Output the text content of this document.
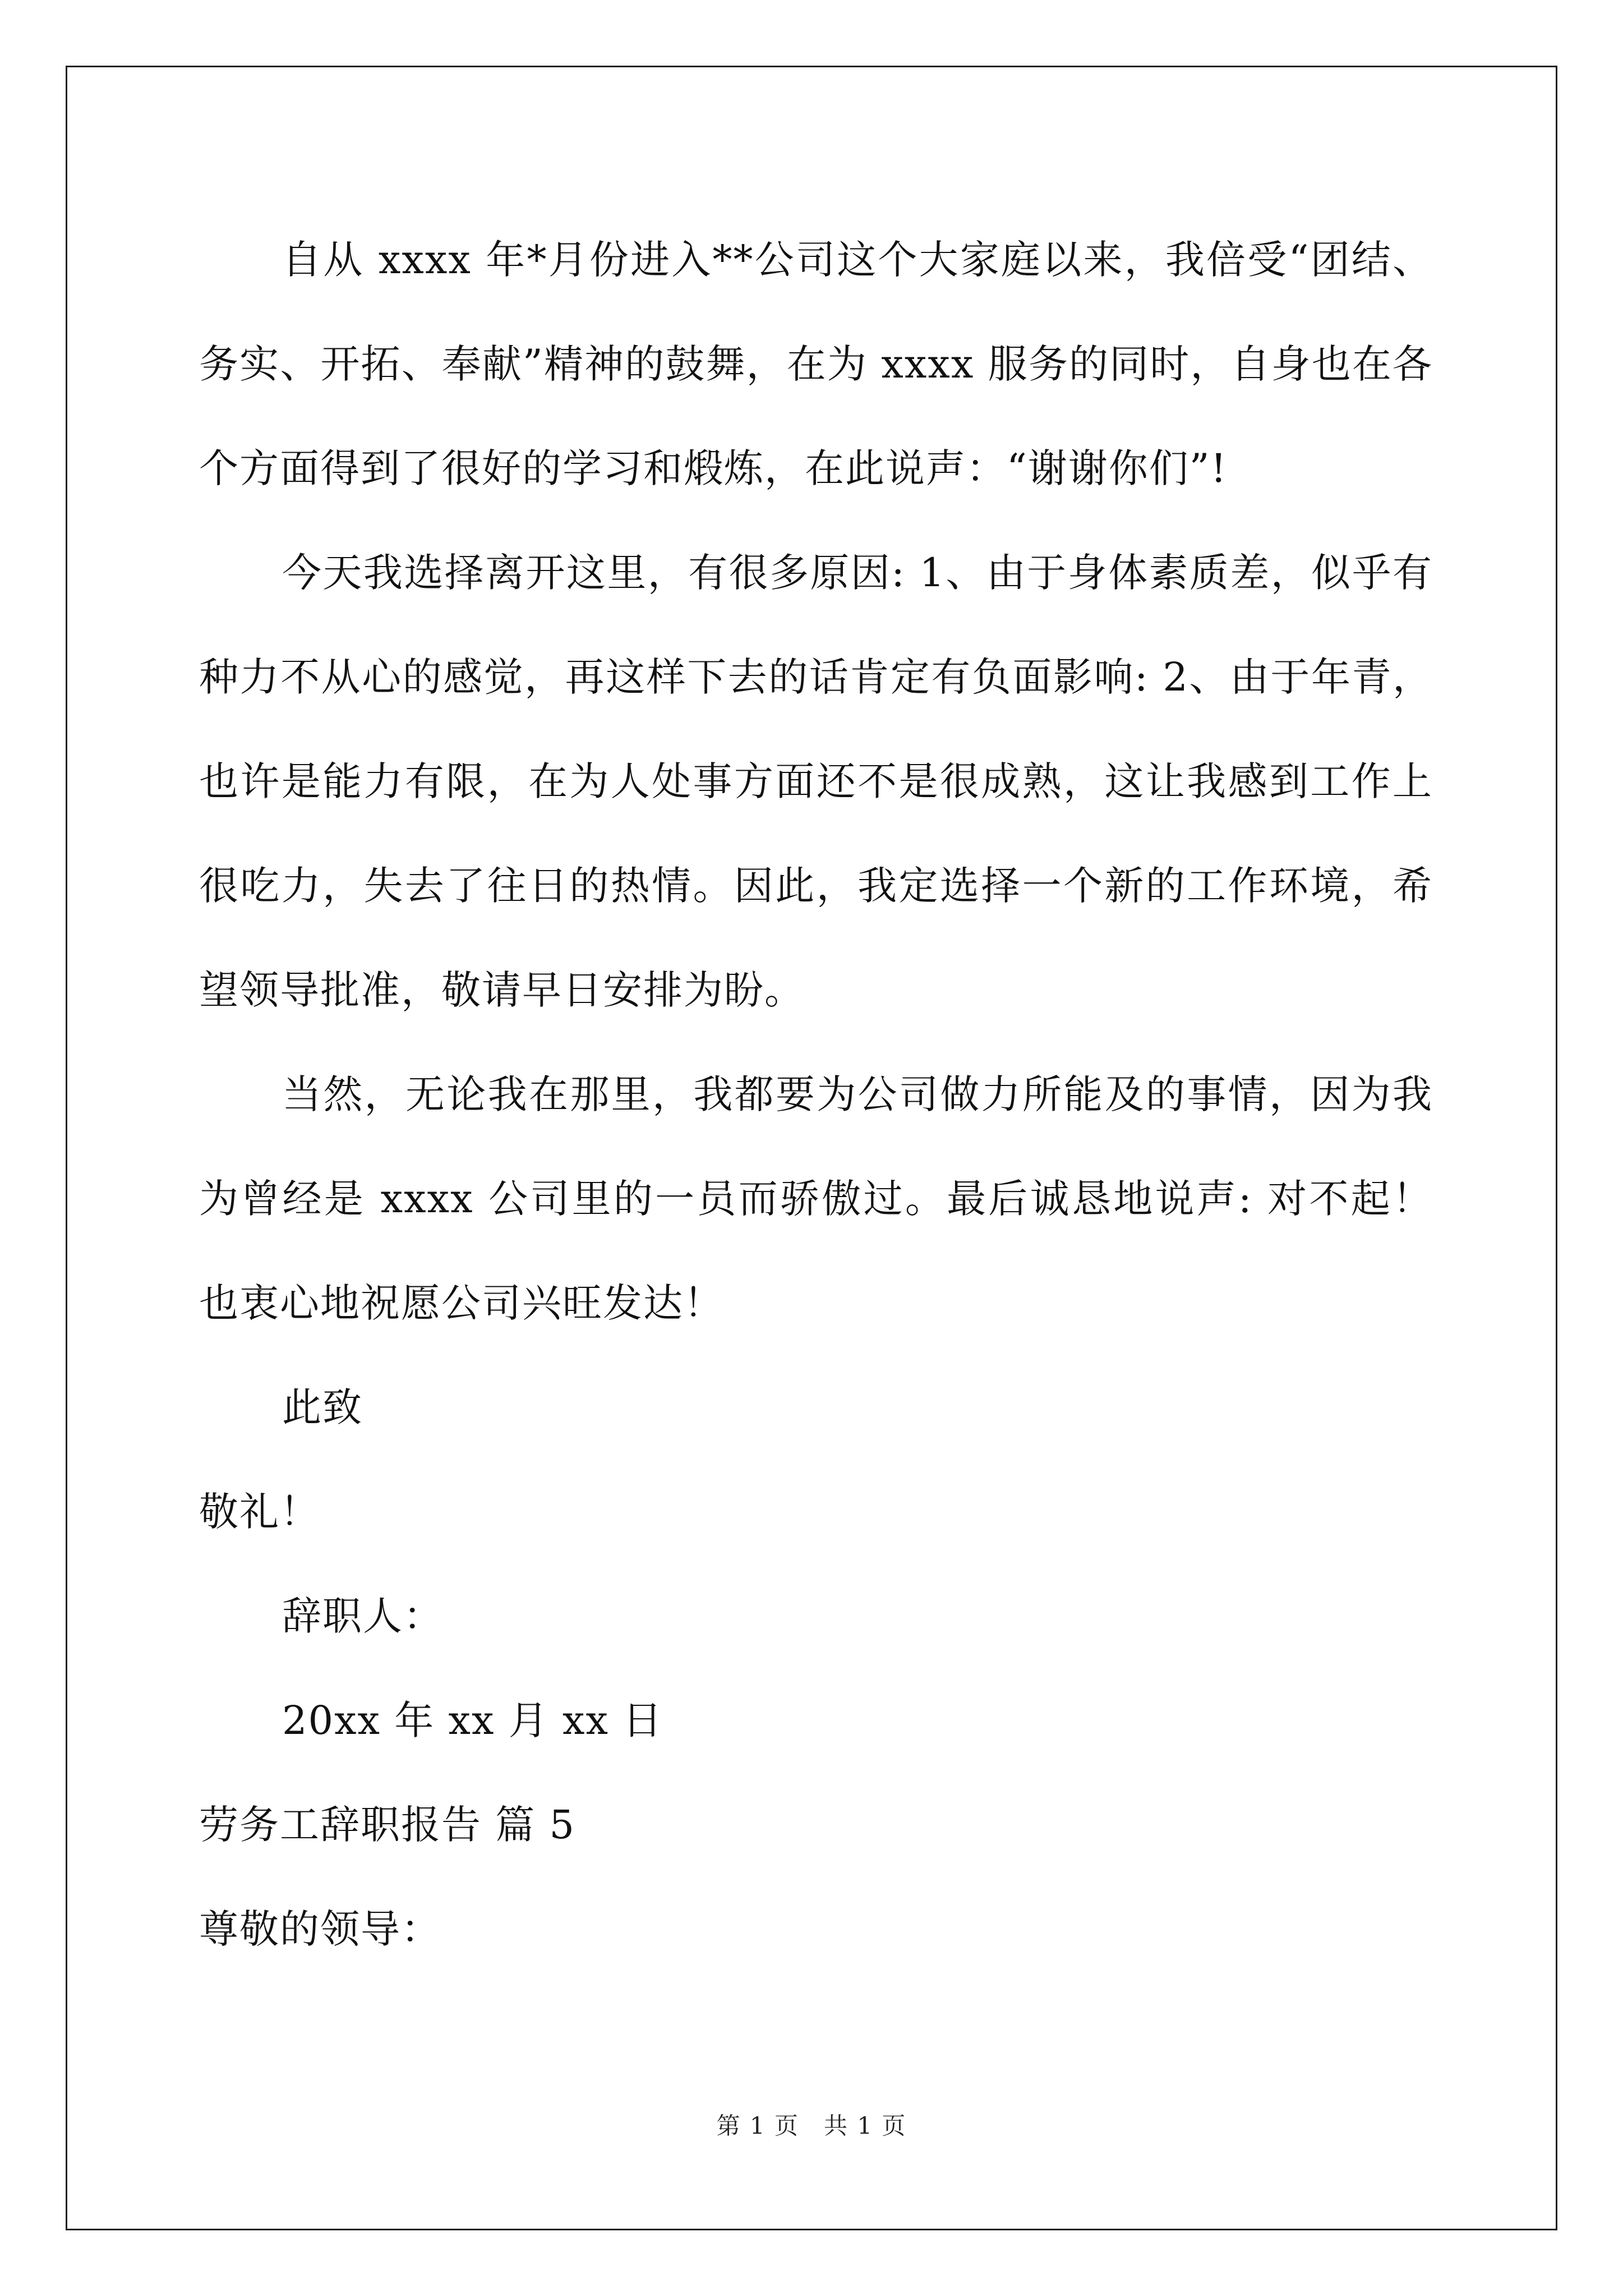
自从 xxxx 年*月份进入**公司这个大家庭以来，我倍受“团结、务实、开拓、奉献”精神的鼓舞，在为 xxxx 服务的同时，自身也在各个方面得到了很好的学习和煅炼，在此说声：“谢谢你们”!

今天我选择离开这里，有很多原因: 1、由于身体素质差，似乎有种力不从心的感觉，再这样下去的话肯定有负面影响: 2、由于年青，也许是能力有限，在为人处事方面还不是很成熟，这让我感到工作上很吃力，失去了往日的热情。因此，我定选择一个新的工作环境，希望领导批准，敬请早日安排为盼。

当然，无论我在那里，我都要为公司做力所能及的事情，因为我为曾经是 xxxx 公司里的一员而骄傲过。最后诚恳地说声: 对不起！也衷心地祝愿公司兴旺发达！

此致

敬礼！

辞职人：

20xx 年 xx 月 xx 日

劳务工辞职报告 篇 5

尊敬的领导：

第 1 页　共 1 页
